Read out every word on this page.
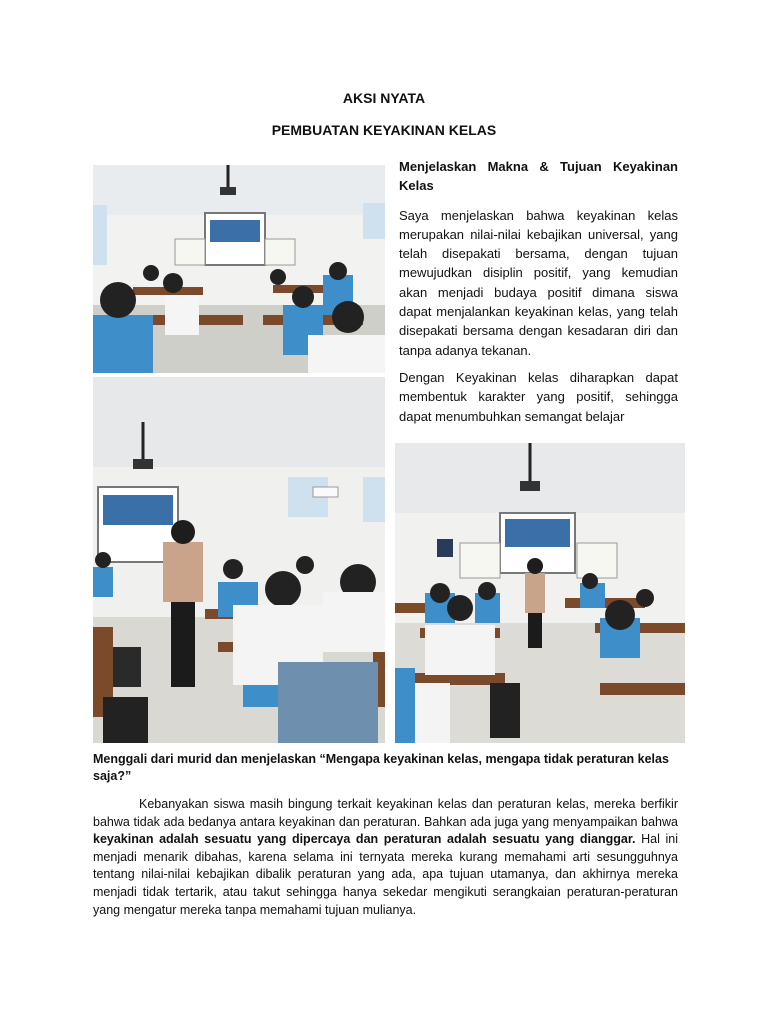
AKSI NYATA
PEMBUATAN KEYAKINAN KELAS

Menjelaskan Makna & Tujuan Keyakinan Kelas

Saya menjelaskan bahwa keyakinan kelas merupakan nilai-nilai kebajikan universal, yang telah disepakati bersama, dengan tujuan mewujudkan disiplin positif, yang kemudian akan menjadi budaya positif dimana siswa dapat menjalankan keyakinan kelas, yang telah disepakati bersama dengan kesadaran diri dan tanpa adanya tekanan.

Dengan Keyakinan kelas diharapkan dapat membentuk karakter yang positif, sehingga dapat menumbuhkan semangat belajar

Menggali dari murid dan menjelaskan “Mengapa keyakinan kelas, mengapa tidak peraturan kelas saja?”

Kebanyakan siswa masih bingung terkait keyakinan kelas dan peraturan kelas, mereka berfikir bahwa tidak ada bedanya antara keyakinan dan peraturan. Bahkan ada juga yang menyampaikan bahwa keyakinan adalah sesuatu yang dipercaya dan peraturan adalah sesuatu yang dianggar. Hal ini menjadi menarik dibahas, karena selama ini ternyata mereka kurang memahami arti sesungguhnya tentang nilai-nilai kebajikan dibalik peraturan yang ada, apa tujuan utamanya, dan akhirnya mereka menjadi tidak tertarik, atau takut sehingga hanya sekedar mengikuti serangkaian peraturan-peraturan yang mengatur mereka tanpa memahami tujuan mulianya.
